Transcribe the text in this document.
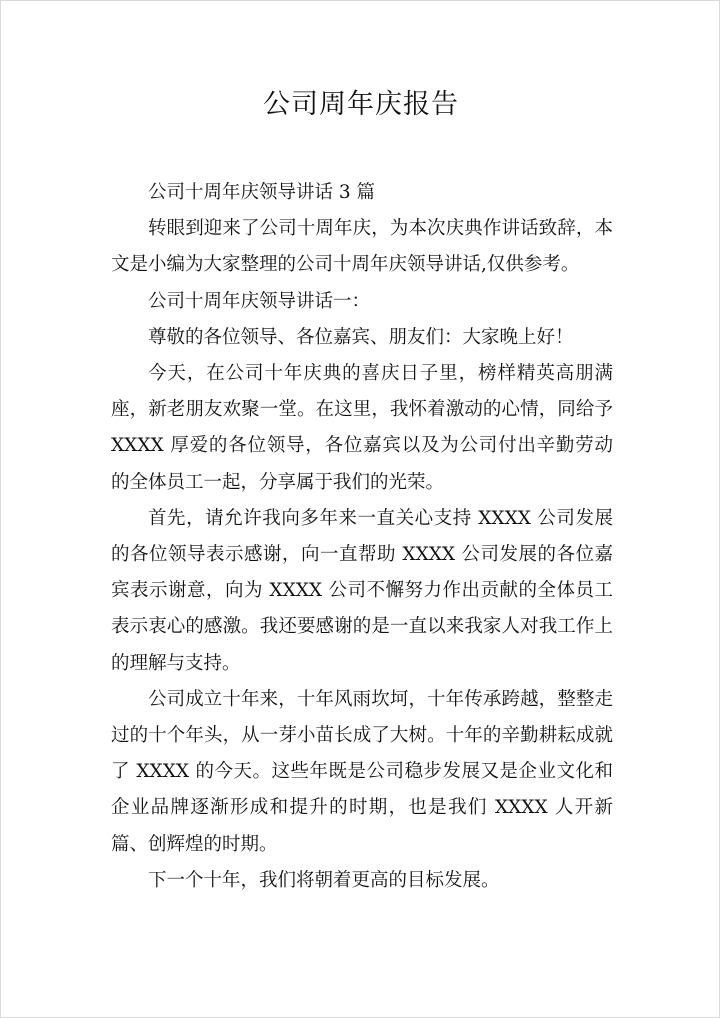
公司周年庆报告

公司十周年庆领导讲话 3 篇

转眼到迎来了公司十周年庆，为本次庆典作讲话致辞，本文是小编为大家整理的公司十周年庆领导讲话,仅供参考。

公司十周年庆领导讲话一：

尊敬的各位领导、各位嘉宾、朋友们：大家晚上好！

今天，在公司十年庆典的喜庆日子里，榜样精英高朋满座，新老朋友欢聚一堂。在这里，我怀着激动的心情，同给予 XXXX 厚爱的各位领导，各位嘉宾以及为公司付出辛勤劳动的全体员工一起，分享属于我们的光荣。

首先，请允许我向多年来一直关心支持 XXXX 公司发展的各位领导表示感谢，向一直帮助 XXXX 公司发展的各位嘉宾表示谢意，向为 XXXX 公司不懈努力作出贡献的全体员工表示衷心的感激。我还要感谢的是一直以来我家人对我工作上的理解与支持。

公司成立十年来，十年风雨坎坷，十年传承跨越，整整走过的十个年头，从一芽小苗长成了大树。十年的辛勤耕耘成就了 XXXX 的今天。这些年既是公司稳步发展又是企业文化和企业品牌逐渐形成和提升的时期，也是我们 XXXX 人开新篇、创辉煌的时期。

下一个十年，我们将朝着更高的目标发展。
